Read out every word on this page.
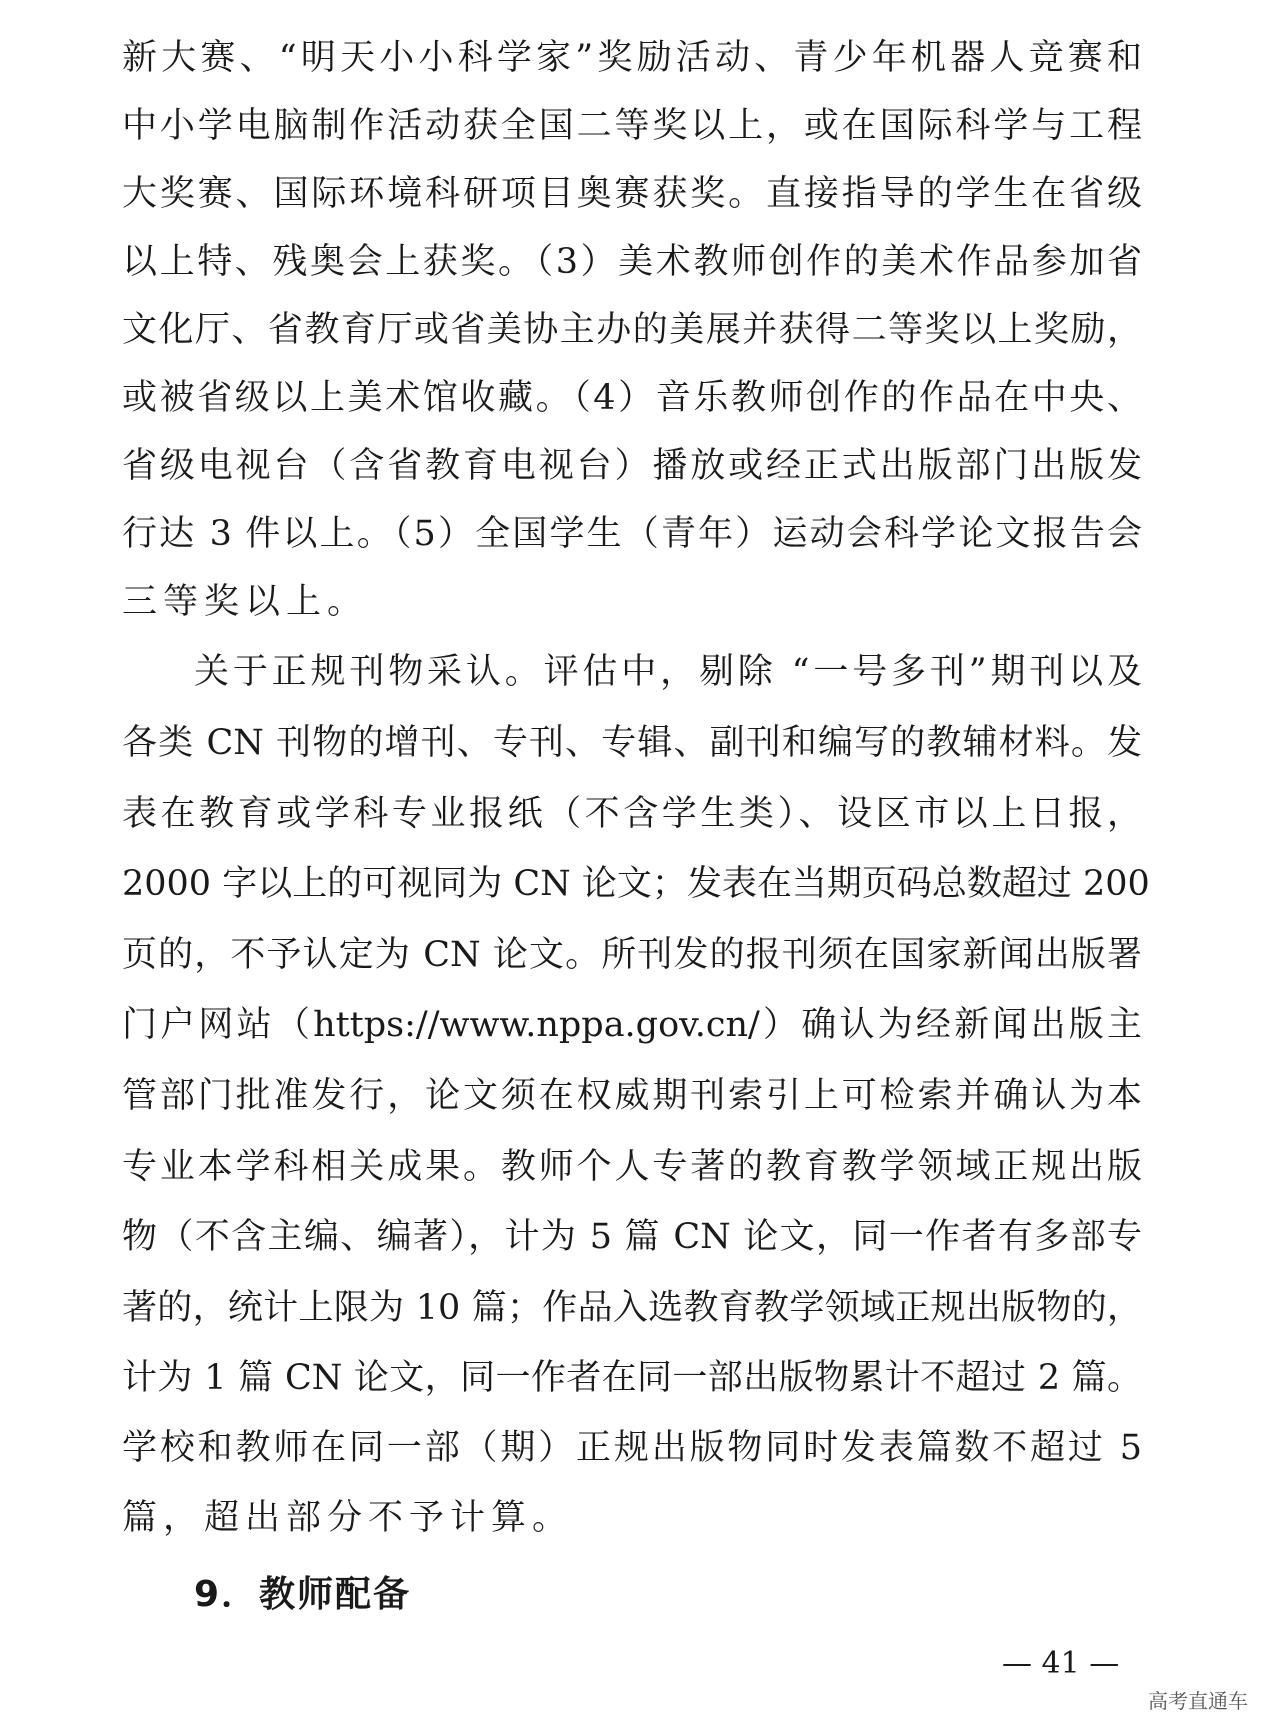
新大赛、“明天小小科学家”奖励活动、青少年机器人竞赛和
中小学电脑制作活动获全国二等奖以上，或在国际科学与工程
大奖赛、国际环境科研项目奥赛获奖。直接指导的学生在省级
以上特、残奥会上获奖。（3）美术教师创作的美术作品参加省
文化厅、省教育厅或省美协主办的美展并获得二等奖以上奖励，
或被省级以上美术馆收藏。（4）音乐教师创作的作品在中央、
省级电视台（含省教育电视台）播放或经正式出版部门出版发
行达 3 件以上。（5）全国学生（青年）运动会科学论文报告会
三等奖以上。
关于正规刊物采认。评估中，剔除 “一号多刊”期刊以及
各类 CN 刊物的增刊、专刊、专辑、副刊和编写的教辅材料。发
表在教育或学科专业报纸（不含学生类）、设区市以上日报，
2000 字以上的可视同为 CN 论文；发表在当期页码总数超过 200
页的，不予认定为 CN 论文。所刊发的报刊须在国家新闻出版署
门户网站（https://www.nppa.gov.cn/）确认为经新闻出版主
管部门批准发行，论文须在权威期刊索引上可检索并确认为本
专业本学科相关成果。教师个人专著的教育教学领域正规出版
物（不含主编、编著），计为 5 篇 CN 论文，同一作者有多部专
著的，统计上限为 10 篇；作品入选教育教学领域正规出版物的，
计为 1 篇 CN 论文，同一作者在同一部出版物累计不超过 2 篇。
学校和教师在同一部（期）正规出版物同时发表篇数不超过 5
9．教师配备
— 41 —
高考直通车
篇，超出部分不予计算。
